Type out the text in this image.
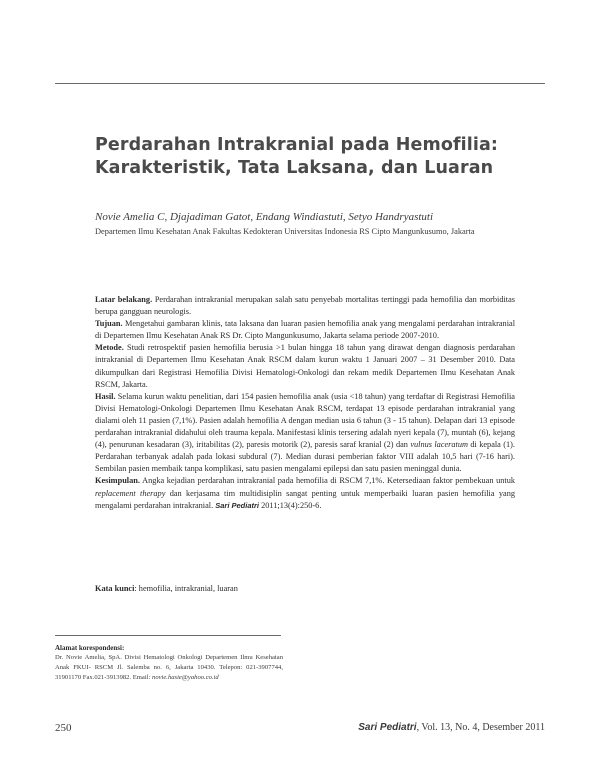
Perdarahan Intrakranial pada Hemofilia:
Karakteristik, Tata Laksana, dan Luaran
Novie Amelia C, Djajadiman Gatot, Endang Windiastuti, Setyo Handryastuti
Departemen Ilmu Kesehatan Anak Fakultas Kedokteran Universitas Indonesia RS Cipto Mangunkusumo, Jakarta

Latar belakang. Perdarahan intrakranial merupakan salah satu penyebab mortalitas tertinggi pada hemofilia dan morbiditas berupa gangguan neurologis.

Tujuan. Mengetahui gambaran klinis, tata laksana dan luaran pasien hemofilia anak yang mengalami perdarahan intrakranial di Departemen Ilmu Kesehatan Anak RS Dr. Cipto Mangunkusumo, Jakarta selama periode 2007-2010.

Metode. Studi retrospektif pasien hemofilia berusia >1 bulan hingga 18 tahun yang dirawat dengan diagnosis perdarahan intrakranial di Departemen Ilmu Kesehatan Anak RSCM dalam kurun waktu 1 Januari 2007 – 31 Desember 2010. Data dikumpulkan dari Registrasi Hemofilia Divisi Hematologi-Onkologi dan rekam medik Departemen Ilmu Kesehatan Anak RSCM, Jakarta.

Hasil. Selama kurun waktu penelitian, dari 154 pasien hemofilia anak (usia <18 tahun) yang terdaftar di Registrasi Hemofilia Divisi Hematologi-Onkologi Departemen Ilmu Kesehatan Anak RSCM, terdapat 13 episode perdarahan intrakranial yang dialami oleh 11 pasien (7,1%). Pasien adalah hemofilia A dengan median usia 6 tahun (3 - 15 tahun). Delapan dari 13 episode perdarahan intrakranial didahului oleh trauma kepala. Manifestasi klinis tersering adalah nyeri kepala (7), muntah (6), kejang (4), penurunan kesadaran (3), iritabilitas (2), paresis motorik (2), paresis saraf kranial (2) dan vulnus laceratum di kepala (1). Perdarahan terbanyak adalah pada lokasi subdural (7). Median durasi pemberian faktor VIII adalah 10,5 hari (7-16 hari). Sembilan pasien membaik tanpa komplikasi, satu pasien mengalami epilepsi dan satu pasien meninggal dunia.

Kesimpulan. Angka kejadian perdarahan intrakranial pada hemofilia di RSCM 7,1%. Ketersediaan faktor pembekuan untuk replacement therapy dan kerjasama tim multidisiplin sangat penting untuk memperbaiki luaran pasien hemofilia yang mengalami perdarahan intrakranial. Sari Pediatri 2011;13(4):250-6.

Kata kunci: hemofilia, intrakranial, luaran
Alamat korespondensi:

Dr. Novie Amelia, SpA. Divisi Hematologi Onkologi Departemen Ilmu Kesehatan Anak FKUI- RSCM Jl. Salemba no. 6, Jakarta 10430. Telepon: 021-3907744, 3190117​0 Fax.021-3913982. Email: novie.hasie@yahoo.co.id

250	Sari Pediatri, Vol. 13, No. 4, Desember 2011
